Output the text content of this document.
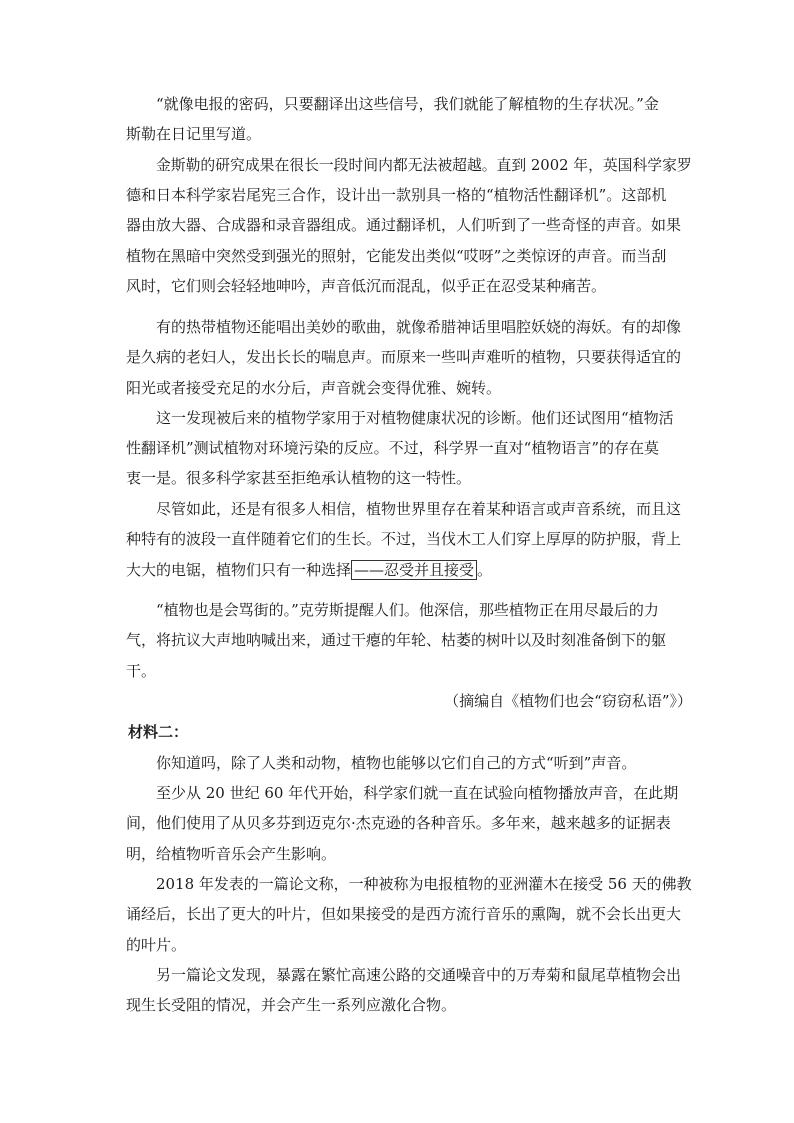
“就像电报的密码，只要翻译出这些信号，我们就能了解植物的生存状况。”金
斯勒在日记里写道。
金斯勒的研究成果在很长一段时间内都无法被超越。直到 2002 年，英国科学家罗
德和日本科学家岩尾宪三合作，设计出一款别具一格的“植物活性翻译机”。这部机
器由放大器、合成器和录音器组成。通过翻译机，人们听到了一些奇怪的声音。如果
植物在黑暗中突然受到强光的照射，它能发出类似“哎呀”之类惊讶的声音。而当刮
风时，它们则会轻轻地呻吟，声音低沉而混乱，似乎正在忍受某种痛苦。
有的热带植物还能唱出美妙的歌曲，就像希腊神话里唱腔妖娆的海妖。有的却像
是久病的老妇人，发出长长的喘息声。而原来一些叫声难听的植物，只要获得适宜的
阳光或者接受充足的水分后，声音就会变得优雅、婉转。
这一发现被后来的植物学家用于对植物健康状况的诊断。他们还试图用“植物活
性翻译机”测试植物对环境污染的反应。不过，科学界一直对“植物语言”的存在莫
衷一是。很多科学家甚至拒绝承认植物的这一特性。
尽管如此，还是有很多人相信，植物世界里存在着某种语言或声音系统，而且这
种特有的波段一直伴随着它们的生长。不过，当伐木工人们穿上厚厚的防护服，背上
大大的电锯，植物们只有一种选择 ——忍受并且接受 。
“植物也是会骂街的。”克劳斯提醒人们。他深信，那些植物正在用尽最后的力
气，将抗议大声地呐喊出来，通过干瘪的年轮、枯萎的树叶以及时刻准备倒下的躯
干。
（摘编自《植物们也会“窃窃私语”》）
材料二：
你知道吗，除了人类和动物，植物也能够以它们自己的方式“听到”声音。
至少从 20 世纪 60 年代开始，科学家们就一直在试验向植物播放声音，在此期
间，他们使用了从贝多芬到迈克尔·杰克逊的各种音乐。多年来，越来越多的证据表
明，给植物听音乐会产生影响。
2018 年发表的一篇论文称，一种被称为电报植物的亚洲灌木在接受 56 天的佛教
诵经后，长出了更大的叶片，但如果接受的是西方流行音乐的熏陶，就不会长出更大
的叶片。
另一篇论文发现，暴露在繁忙高速公路的交通噪音中的万寿菊和鼠尾草植物会出
现生长受阻的情况，并会产生一系列应激化合物。
